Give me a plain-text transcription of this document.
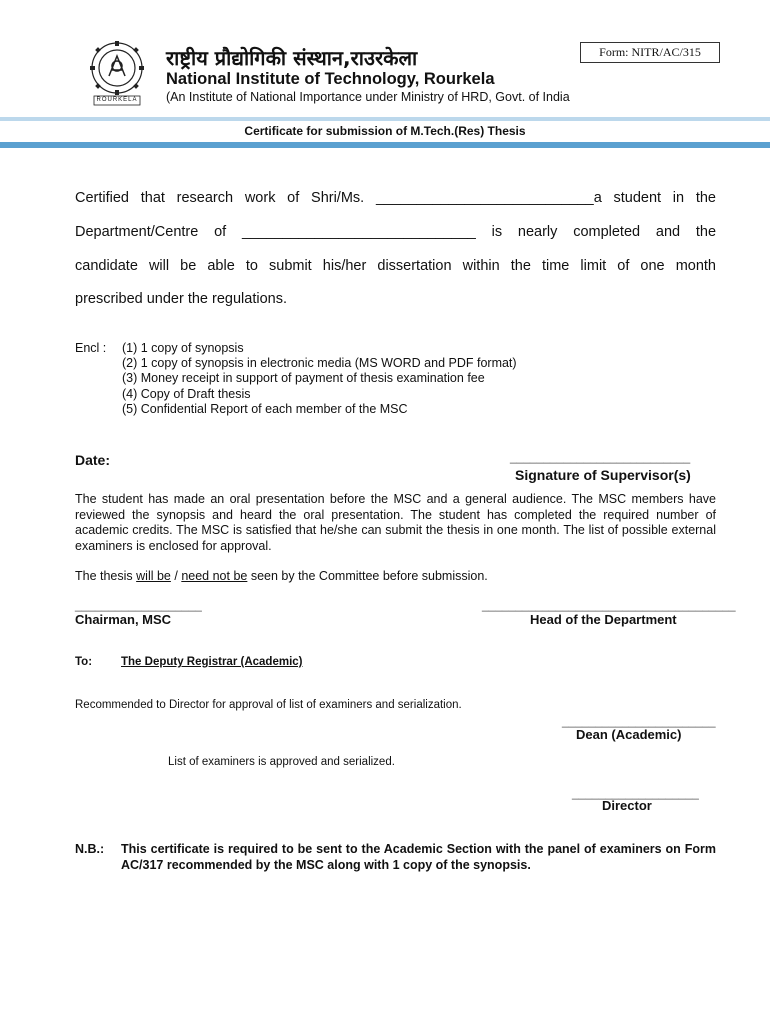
ROURKELA
राष्ट्रीय प्रौद्योगिकी संस्थान,राउरकेला
National Institute of Technology, Rourkela
(An Institute of National Importance under Ministry of HRD, Govt. of India
Form: NITR/AC/315
Certificate for submission of M.Tech.(Res) Thesis
Certified that research work of Shri/Ms. ___________________________a student in the
Department/Centre of _____________________________ is nearly completed and the
candidate will be able to submit his/her dissertation within the time limit of one month
prescribed under the regulations.
Encl : (1) 1 copy of synopsis
(2) 1 copy of synopsis in electronic media (MS WORD and PDF format)
(3) Money receipt in support of payment of thesis examination fee
(4) Copy of Draft thesis
(5) Confidential Report of each member of the MSC
Date:	___________________________
Signature of Supervisor(s)
The student has made an oral presentation before the MSC and a general audience. The MSC members have reviewed the synopsis and heard the oral presentation. The student has completed the required number of academic credits. The MSC is satisfied that he/she can submit the thesis in one month. The list of possible external examiners is enclosed for approval.
The thesis will be / need not be seen by the Committee before submission.
___________________
Chairman, MSC
______________________________________
Head of the Department
To:	The Deputy Registrar (Academic)
Recommended to Director for approval of list of examiners and serialization.
_______________________
Dean (Academic)
List of examiners is approved and serialized.
___________________
Director
N.B.: This certificate is required to be sent to the Academic Section with the panel of examiners on Form AC/317 recommended by the MSC along with 1 copy of the synopsis.
